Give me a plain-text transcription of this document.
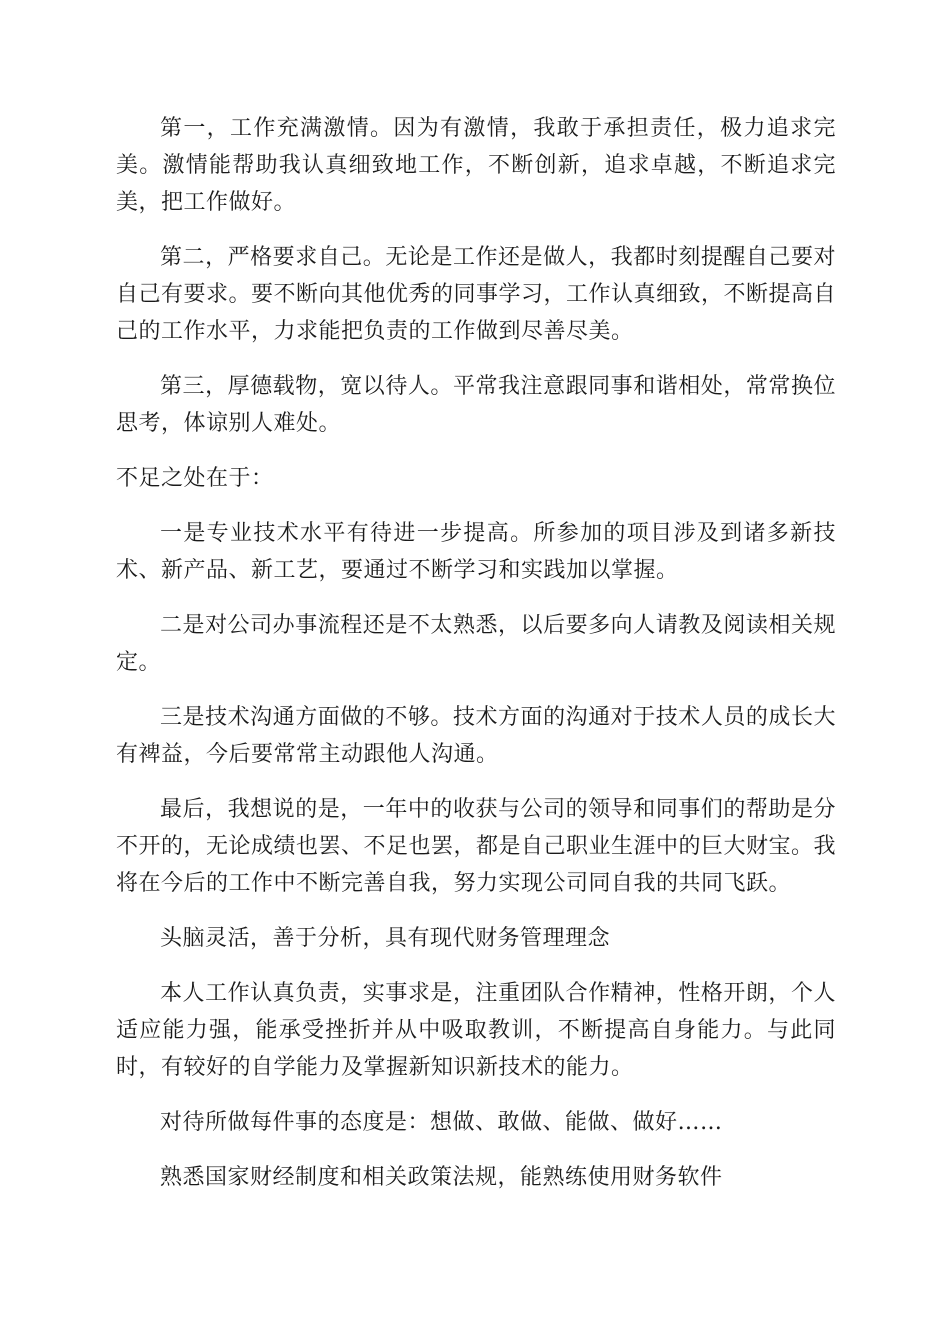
第一，工作充满激情。因为有激情，我敢于承担责任，极力追求完美。激情能帮助我认真细致地工作，不断创新，追求卓越，不断追求完美，把工作做好。

第二，严格要求自己。无论是工作还是做人，我都时刻提醒自己要对自己有要求。要不断向其他优秀的同事学习，工作认真细致，不断提高自己的工作水平，力求能把负责的工作做到尽善尽美。

第三，厚德载物，宽以待人。平常我注意跟同事和谐相处，常常换位思考，体谅别人难处。

不足之处在于：

一是专业技术水平有待进一步提高。所参加的项目涉及到诸多新技术、新产品、新工艺，要通过不断学习和实践加以掌握。

二是对公司办事流程还是不太熟悉，以后要多向人请教及阅读相关规定。

三是技术沟通方面做的不够。技术方面的沟通对于技术人员的成长大有裨益，今后要常常主动跟他人沟通。

最后，我想说的是，一年中的收获与公司的领导和同事们的帮助是分不开的，无论成绩也罢、不足也罢，都是自己职业生涯中的巨大财宝。我将在今后的工作中不断完善自我，努力实现公司同自我的共同飞跃。

头脑灵活，善于分析，具有现代财务管理理念

本人工作认真负责，实事求是，注重团队合作精神，性格开朗，个人适应能力强，能承受挫折并从中吸取教训，不断提高自身能力。与此同时，有较好的自学能力及掌握新知识新技术的能力。

对待所做每件事的态度是：想做、敢做、能做、做好……

熟悉国家财经制度和相关政策法规，能熟练使用财务软件
